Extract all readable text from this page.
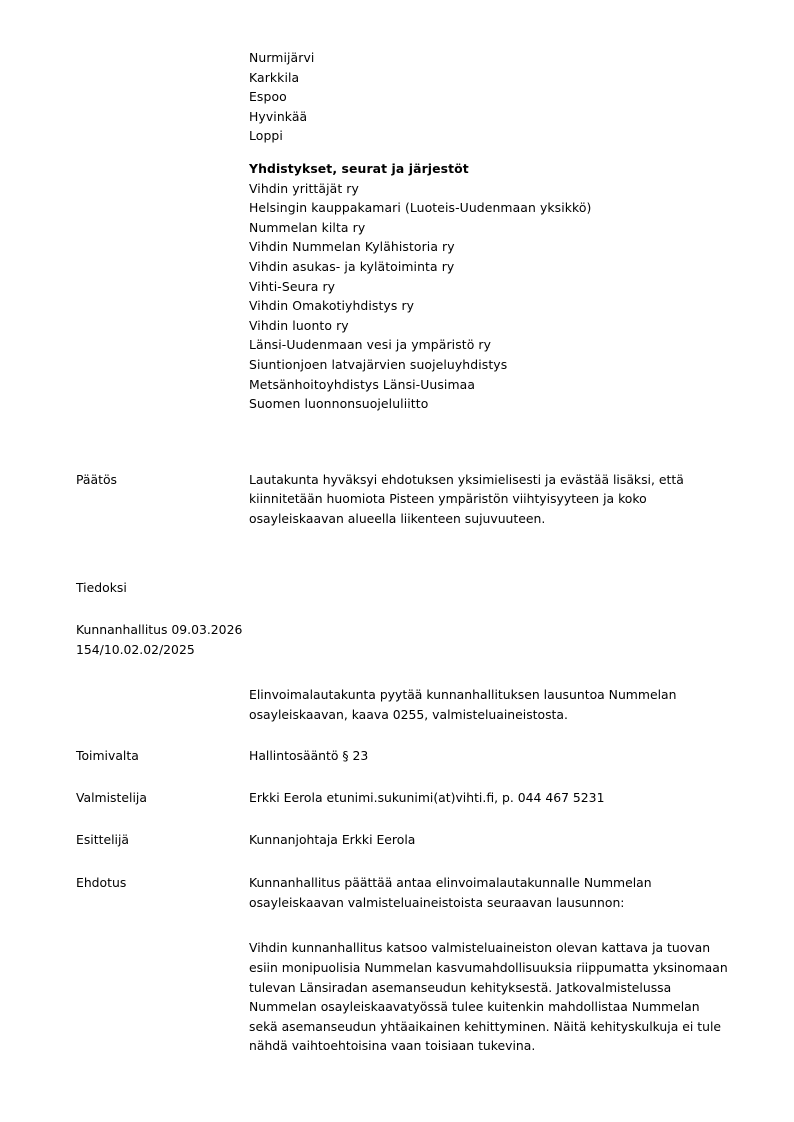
Nurmijärvi
Karkkila
Espoo
Hyvinkää
Loppi
Yhdistykset, seurat ja järjestöt
Vihdin yrittäjät ry
Helsingin kauppakamari (Luoteis-Uudenmaan yksikkö)
Nummelan kilta ry
Vihdin Nummelan Kylähistoria ry
Vihdin asukas- ja kylätoiminta ry
Vihti-Seura ry
Vihdin Omakotiyhdistys ry
Vihdin luonto ry
Länsi-Uudenmaan vesi ja ympäristö ry
Siuntionjoen latvajärvien suojeluyhdistys
Metsänhoitoyhdistys Länsi-Uusimaa
Suomen luonnonsuojeluliitto
Päätös	Lautakunta hyväksyi ehdotuksen yksimielisesti ja evästää lisäksi, että kiinnitetään huomiota Pisteen ympäristön viihtyisyyteen ja koko osayleiskaavan alueella liikenteen sujuvuuteen.
Tiedoksi
Kunnanhallitus 09.03.2026
154/10.02.02/2025
Elinvoimalautakunta pyytää kunnanhallituksen lausuntoa Nummelan osayleiskaavan, kaava 0255, valmisteluaineistosta.
Toimivalta	Hallintosääntö § 23
Valmistelija	Erkki Eerola etunimi.sukunimi(at)vihti.fi, p. 044 467 5231
Esittelijä	Kunnanjohtaja Erkki Eerola
Ehdotus	Kunnanhallitus päättää antaa elinvoimalautakunnalle Nummelan osayleiskaavan valmisteluaineistoista seuraavan lausunnon:

Vihdin kunnanhallitus katsoo valmisteluaineiston olevan kattava ja tuovan esiin monipuolisia Nummelan kasvumahdollisuuksia riippumatta yksinomaan tulevan Länsiradan asemanseudun kehityksestä. Jatkovalmistelussa Nummelan osayleiskaavatyössä tulee kuitenkin mahdollistaa Nummelan sekä asemanseudun yhtäaikainen kehittyminen. Näitä kehityskulkuja ei tule nähdä vaihtoehtoisina vaan toisiaan tukevina.
